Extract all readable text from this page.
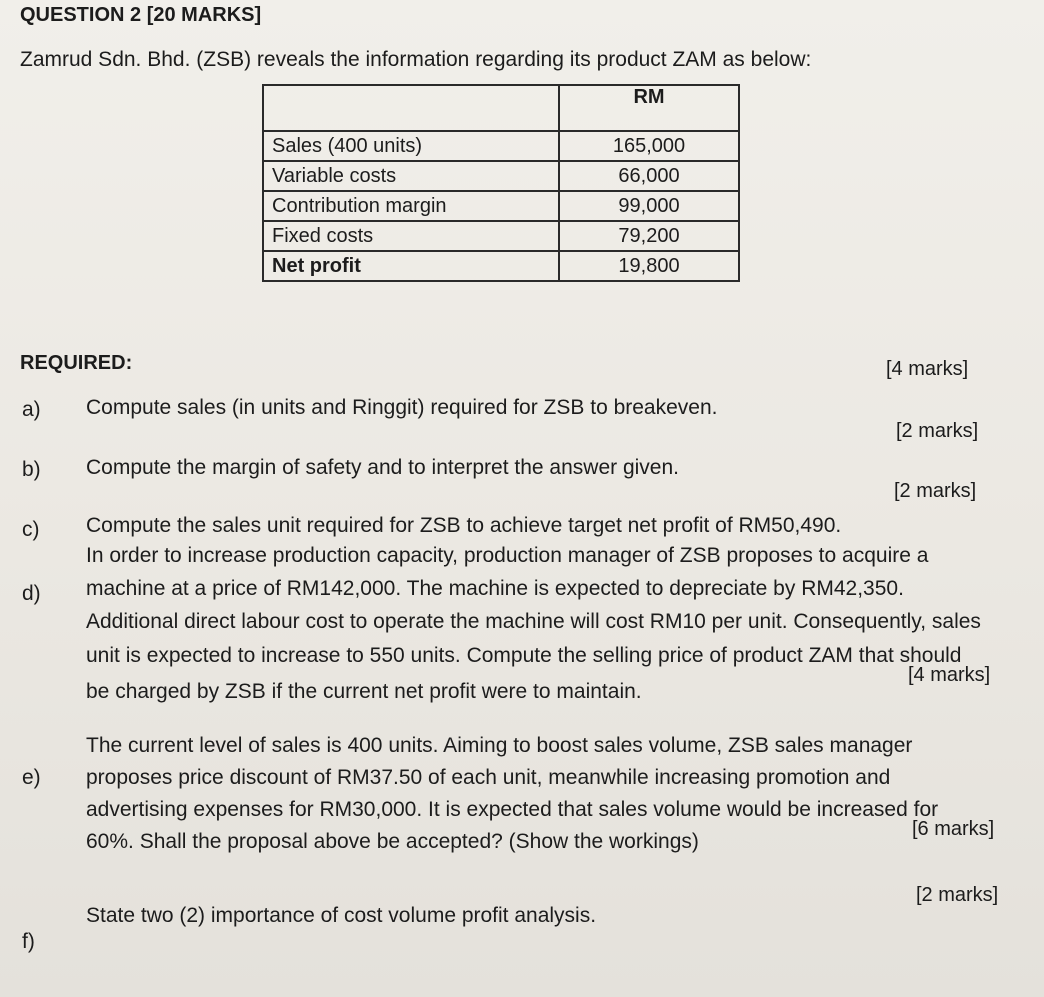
QUESTION 2 [20 MARKS]
Zamrud Sdn. Bhd. (ZSB) reveals the information regarding its product ZAM as below:
	RM
Sales (400 units)	165,000
Variable costs	66,000
Contribution margin	99,000
Fixed costs	79,200
Net profit	19,800
REQUIRED:
a) Compute sales (in units and Ringgit) required for ZSB to breakeven.
[4 marks]
b) Compute the margin of safety and to interpret the answer given.
[2 marks]
c) Compute the sales unit required for ZSB to achieve target net profit of RM50,490.
[2 marks]
d)
In order to increase production capacity, production manager of ZSB proposes to acquire a
machine at a price of RM142,000. The machine is expected to depreciate by RM42,350.
Additional direct labour cost to operate the machine will cost RM10 per unit. Consequently, sales
unit is expected to increase to 550 units. Compute the selling price of product ZAM that should
be charged by ZSB if the current net profit were to maintain.
[4 marks]
e)
The current level of sales is 400 units. Aiming to boost sales volume, ZSB sales manager
proposes price discount of RM37.50 of each unit, meanwhile increasing promotion and
advertising expenses for RM30,000. It is expected that sales volume would be increased for
60%. Shall the proposal above be accepted? (Show the workings)
[6 marks]
f)
State two (2) importance of cost volume profit analysis.
[2 marks]
